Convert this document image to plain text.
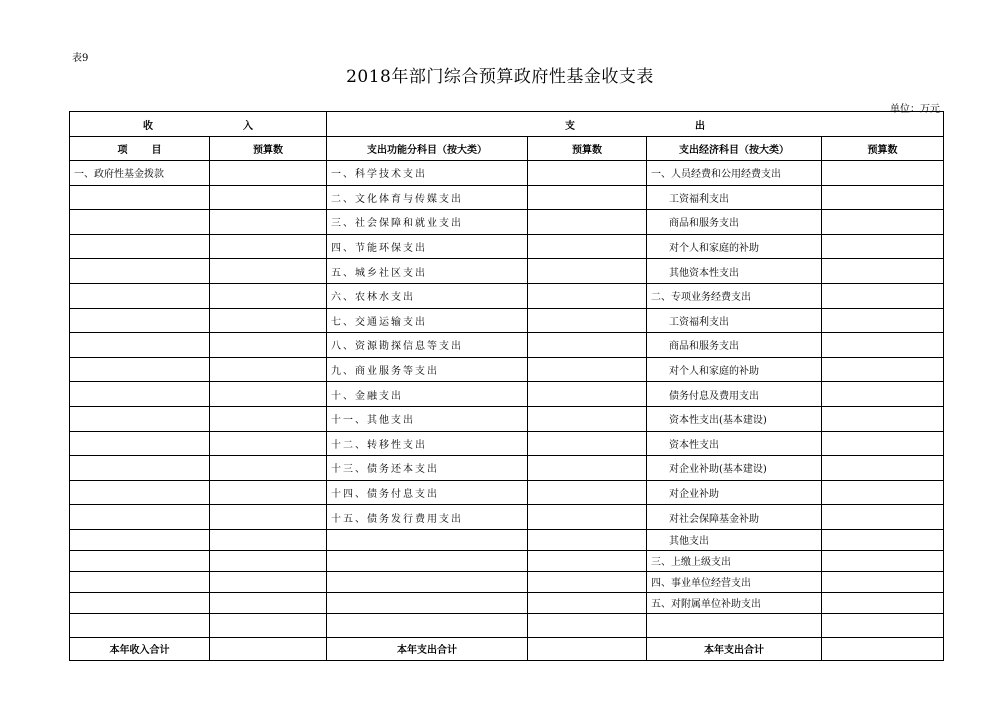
表9
2018年部门综合预算政府性基金收支表
单位：万元
收 入		支 出			
项 目	预算数	支出功能分科目（按大类）	预算数	支出经济科目（按大类）	预算数
一、政府性基金拨款		一、科学技术支出		一、人员经费和公用经费支出	
		二、文化体育与传媒支出		工资福利支出	
		三、社会保障和就业支出		商品和服务支出	
		四、节能环保支出		对个人和家庭的补助	
		五、城乡社区支出		其他资本性支出	
		六、农林水支出		二、专项业务经费支出	
		七、交通运输支出		工资福利支出	
		八、资源勘探信息等支出		商品和服务支出	
		九、商业服务等支出		对个人和家庭的补助	
		十、金融支出		债务付息及费用支出	
		十一、其他支出		资本性支出(基本建设)	
		十二、转移性支出		资本性支出	
		十三、债务还本支出		对企业补助(基本建设)	
		十四、债务付息支出		对企业补助	
		十五、债务发行费用支出		对社会保障基金补助	
				其他支出	
				三、上缴上级支出	
				四、事业单位经营支出	
				五、对附属单位补助支出	

本年收入合计		本年支出合计		本年支出合计	
